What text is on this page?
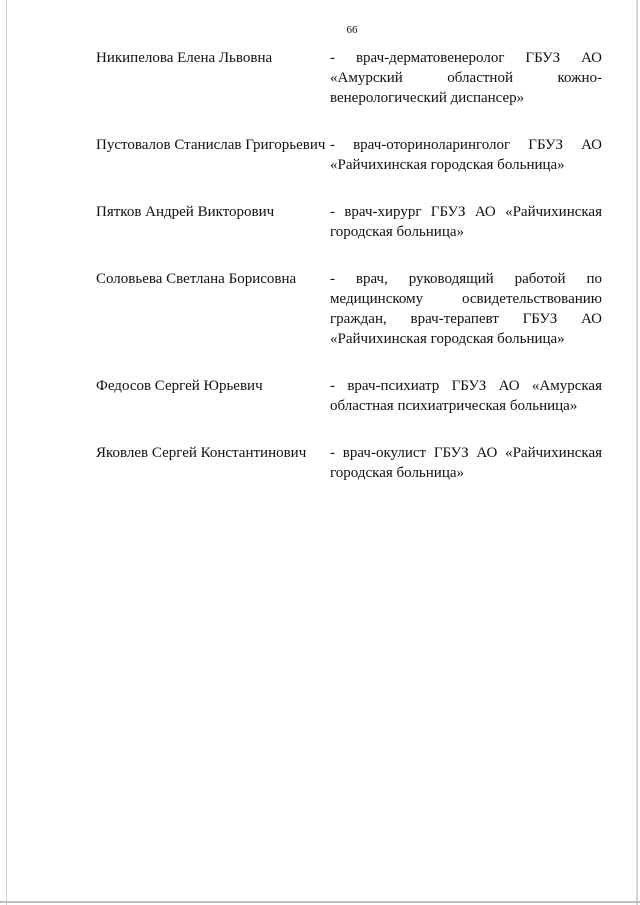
66
Никипелова Елена Львовна	- врач-дерматовенеролог ГБУЗ АО «Амурский областной кожно-венерологический диспансер»
Пустовалов Станислав Григорьевич - врач-оториноларинголог ГБУЗ АО «Райчихинская городская больница»
Пятков Андрей Викторович	- врач-хирург ГБУЗ АО «Райчихинская городская больница»
Соловьева Светлана Борисовна	- врач, руководящий работой по медицинскому освидетельствованию граждан, врач-терапевт ГБУЗ АО «Райчихинская городская больница»
Федосов Сергей Юрьевич	- врач-психиатр ГБУЗ АО «Амурская областная психиатрическая больница»
Яковлев Сергей Константинович	- врач-окулист ГБУЗ АО «Райчихинская городская больница»
